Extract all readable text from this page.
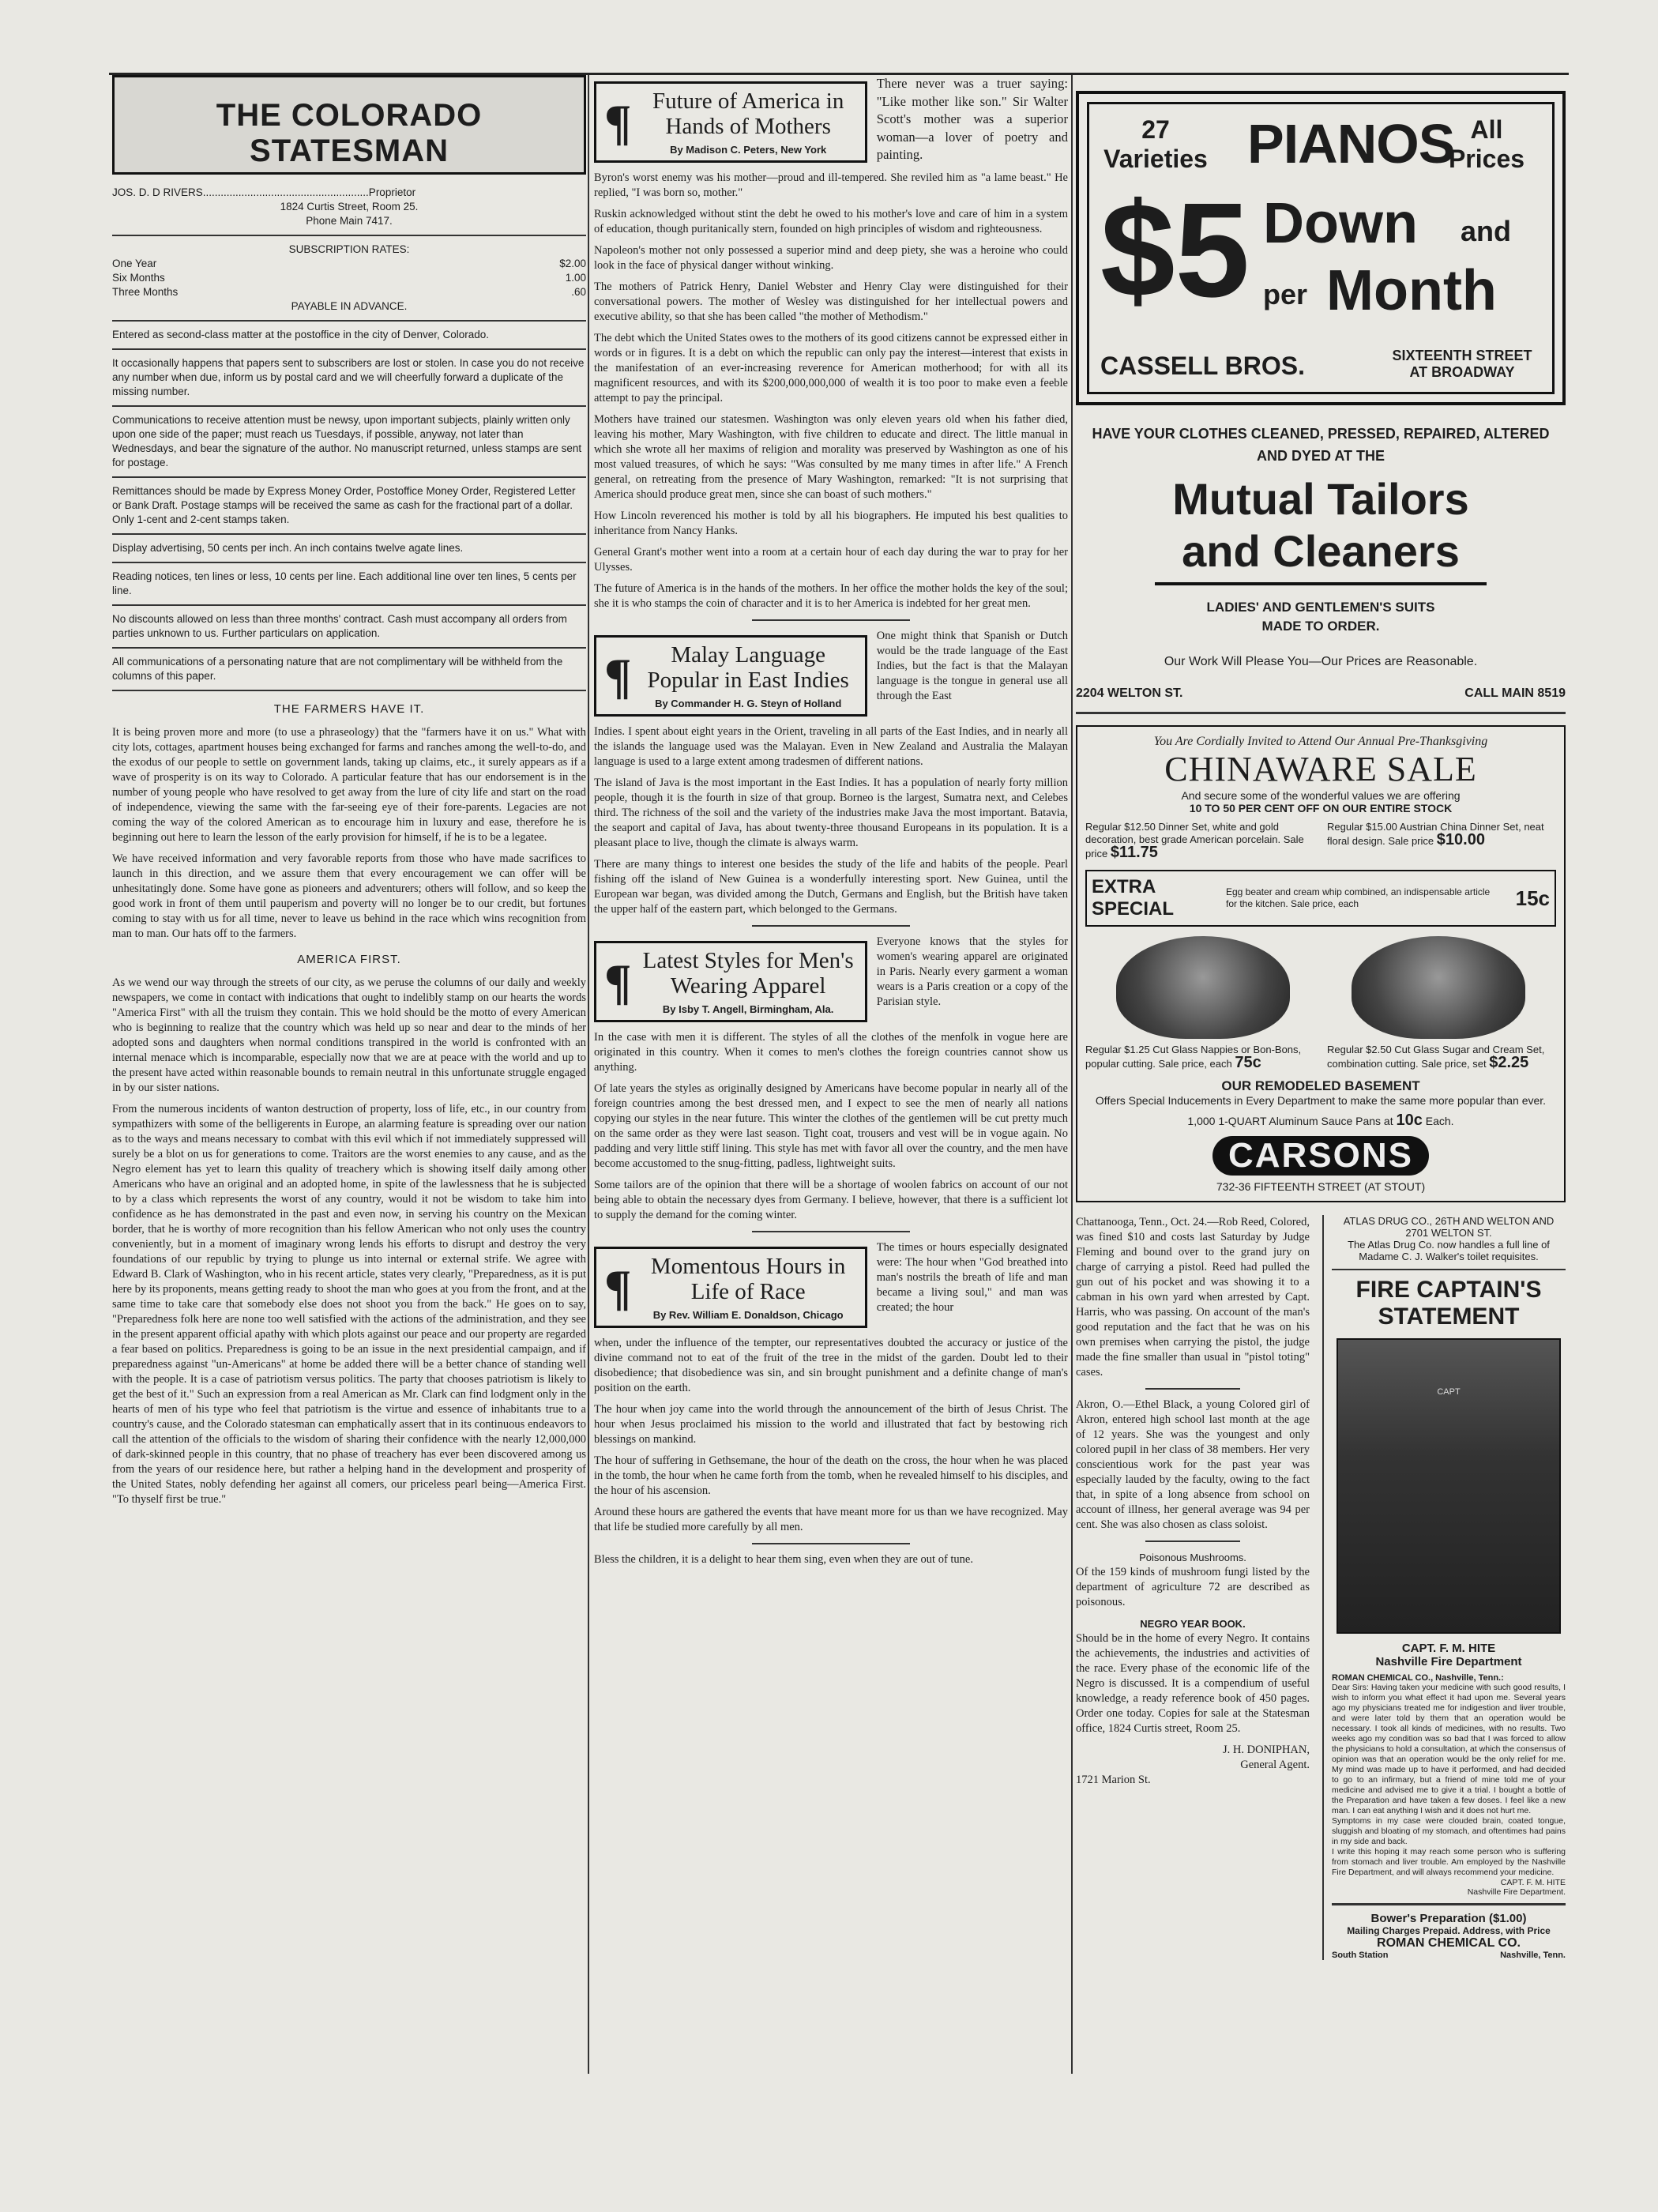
THE COLORADO STATESMAN
JOS. D. D RIVERS........................................................Proprietor
1824 Curtis Street, Room 25.
Phone Main 7417.
SUBSCRIPTION RATES:
One Year	$2.00
Six Months	1.00
Three Months	.60
PAYABLE IN ADVANCE.
Entered as second-class matter at the postoffice in the city of Denver, Colorado.
It occasionally happens that papers sent to subscribers are lost or stolen. In case you do not receive any number when due, inform us by postal card and we will cheerfully forward a duplicate of the missing number.
Communications to receive attention must be newsy, upon important subjects, plainly written only upon one side of the paper; must reach us Tuesdays, if possible, anyway, not later than Wednesdays, and bear the signature of the author. No manuscript returned, unless stamps are sent for postage.
Remittances should be made by Express Money Order, Postoffice Money Order, Registered Letter or Bank Draft. Postage stamps will be received the same as cash for the fractional part of a dollar. Only 1-cent and 2-cent stamps taken.
Display advertising, 50 cents per inch. An inch contains twelve agate lines.
Reading notices, ten lines or less, 10 cents per line. Each additional line over ten lines, 5 cents per line.
No discounts allowed on less than three months' contract. Cash must accompany all orders from parties unknown to us. Further particulars on application.
All communications of a personating nature that are not complimentary will be withheld from the columns of this paper.
THE FARMERS HAVE IT.

It is being proven more and more (to use a phraseology) that the "farmers have it on us." What with city lots, cottages, apartment houses being exchanged for farms and ranches among the well-to-do, and the exodus of our people to settle on government lands, taking up claims, etc., it surely appears as if a wave of prosperity is on its way to Colorado. A particular feature that has our endorsement is in the number of young people who have resolved to get away from the lure of city life and start on the road of independence, viewing the same with the far-seeing eye of their fore-parents. Legacies are not coming the way of the colored American as to encourage him in luxury and ease, therefore he is beginning out here to learn the lesson of the early provision for himself, if he is to be a legatee.

We have received information and very favorable reports from those who have made sacrifices to launch in this direction, and we assure them that every encouragement we can offer will be unhesitatingly done. Some have gone as pioneers and adventurers; others will follow, and so keep the good work in front of them until pauperism and poverty will no longer be to our credit, but fortunes coming to stay with us for all time, never to leave us behind in the race which wins recognition from man to man. Our hats off to the farmers.

AMERICA FIRST.

As we wend our way through the streets of our city, as we peruse the columns of our daily and weekly newspapers, we come in contact with indications that ought to indelibly stamp on our hearts the words "America First" with all the truism they contain. This we hold should be the motto of every American who is beginning to realize that the country which was held up so near and dear to the minds of her adopted sons and daughters when normal conditions transpired in the world is confronted with an internal menace which is incomparable, especially now that we are at peace with the world and up to the present have acted within reasonable bounds to remain neutral in this unfortunate struggle engaged in by our sister nations.

From the numerous incidents of wanton destruction of property, loss of life, etc., in our country from sympathizers with some of the belligerents in Europe, an alarming feature is spreading over our nation as to the ways and means necessary to combat with this evil which if not immediately suppressed will surely be a blot on us for generations to come. Traitors are the worst enemies to any cause, and as the Negro element has yet to learn this quality of treachery which is showing itself daily among other Americans who have an original and an adopted home, in spite of the lawlessness that he is subjected to by a class which represents the worst of any country, would it not be wisdom to take him into confidence as he has demonstrated in the past and even now, in serving his country on the Mexican border, that he is worthy of more recognition than his fellow American who not only uses the country conveniently, but in a moment of imaginary wrong lends his efforts to disrupt and destroy the very foundations of our republic by trying to plunge us into internal or external strife. We agree with Edward B. Clark of Washington, who in his recent article, states very clearly, "Preparedness, as it is put here by its proponents, means getting ready to shoot the man who goes at you from the front, and at the same time to take care that somebody else does not shoot you from the back." He goes on to say, "Preparedness folk here are none too well satisfied with the actions of the administration, and they see in the present apparent official apathy with which plots against our peace and our property are regarded a fear based on politics. Preparedness is going to be an issue in the next presidential campaign, and if preparedness against "un-Americans" at home be added there will be a better chance of standing well with the people. It is a case of patriotism versus politics. The party that chooses patriotism is likely to get the best of it." Such an expression from a real American as Mr. Clark can find lodgment only in the hearts of men of his type who feel that patriotism is the virtue and essence of inhabitants true to a country's cause, and the Colorado statesman can emphatically assert that in its continuous endeavors to call the attention of the officials to the wisdom of sharing their confidence with the nearly 12,000,000 of dark-skinned people in this country, that no phase of treachery has ever been discovered among us from the years of our residence here, but rather a helping hand in the development and prosperity of the United States, nobly defending her against all comers, our priceless pearl being—America First. "To thyself first be true."

¶ Future of America in Hands of Mothers
By Madison C. Peters, New York

There never was a truer saying: "Like mother like son." Sir Walter Scott's mother was a superior woman—a lover of poetry and painting.

Byron's worst enemy was his mother—proud and ill-tempered. She reviled him as "a lame beast." He replied, "I was born so, mother."

Ruskin acknowledged without stint the debt he owed to his mother's love and care of him in a system of education, though puritanically stern, founded on high principles of wisdom and righteousness.

Napoleon's mother not only possessed a superior mind and deep piety, she was a heroine who could look in the face of physical danger without winking.

The mothers of Patrick Henry, Daniel Webster and Henry Clay were distinguished for their conversational powers. The mother of Wesley was distinguished for her intellectual powers and executive ability, so that she has been called "the mother of Methodism."

The debt which the United States owes to the mothers of its good citizens cannot be expressed either in words or in figures. It is a debt on which the republic can only pay the interest—interest that exists in the manifestation of an ever-increasing reverence for American motherhood; for with all its magnificent resources, and with its $200,000,000,000 of wealth it is too poor to make even a feeble attempt to pay the principal.

Mothers have trained our statesmen. Washington was only eleven years old when his father died, leaving his mother, Mary Washington, with five children to educate and direct. The little manual in which she wrote all her maxims of religion and morality was preserved by Washington as one of his most valued treasures, of which he says: "Was consulted by me many times in after life." A French general, on retreating from the presence of Mary Washington, remarked: "It is not surprising that America should produce great men, since she can boast of such mothers."

How Lincoln reverenced his mother is told by all his biographers. He imputed his best qualities to inheritance from Nancy Hanks.

General Grant's mother went into a room at a certain hour of each day during the war to pray for her Ulysses.

The future of America is in the hands of the mothers. In her office the mother holds the key of the soul; she it is who stamps the coin of character and it is to her America is indebted for her great men.

¶	Malay Language Popular in East Indies
By Commander H. G. Steyn of Holland

One might think that Spanish or Dutch would be the trade language of the East Indies, but the fact is that the Malayan language is the tongue in general use all through the East

Indies. I spent about eight years in the Orient, traveling in all parts of the East Indies, and in nearly all the islands the language used was the Malayan. Even in New Zealand and Australia the Malayan language is used to a large extent among tradesmen of different nations.

The island of Java is the most important in the East Indies. It has a population of nearly forty million people, though it is the fourth in size of that group. Borneo is the largest, Sumatra next, and Celebes third. The richness of the soil and the variety of the industries make Java the most important. Batavia, the seaport and capital of Java, has about twenty-three thousand Europeans in its population. It is a pleasant place to live, though the climate is always warm.

There are many things to interest one besides the study of the life and habits of the people. Pearl fishing off the island of New Guinea is a wonderfully interesting sport. New Guinea, until the European war began, was divided among the Dutch, Germans and English, but the British have taken the upper half of the eastern part, which belonged to the Germans.

¶ Latest Styles for Men's Wearing Apparel
By Isby T. Angell, Birmingham, Ala.

Everyone knows that the styles for women's wearing apparel are originated in Paris. Nearly every garment a woman wears is a Paris creation or a copy of the Parisian style.

In the case with men it is different. The styles of all the clothes of the menfolk in vogue here are originated in this country. When it comes to men's clothes the foreign countries cannot show us anything.

Of late years the styles as originally designed by Americans have become popular in nearly all of the foreign countries among the best dressed men, and I expect to see the men of nearly all nations copying our styles in the near future. This winter the clothes of the gentlemen will be cut pretty much on the same order as they were last season. Tight coat, trousers and vest will be in vogue again. No padding and very little stiff lining. This style has met with favor all over the country, and the men have become accustomed to the snug-fitting, padless, lightweight suits.

Some tailors are of the opinion that there will be a shortage of woolen fabrics on account of our not being able to obtain the necessary dyes from Germany. I believe, however, that there is a sufficient lot to supply the demand for the coming winter.

¶ Momentous Hours in Life of Race
By Rev. William E. Donaldson, Chicago

The times or hours especially designated were: The hour when "God breathed into man's nostrils the breath of life and man became a living soul," and man was created; the hour

when, under the influence of the tempter, our representatives doubted the accuracy or justice of the divine command not to eat of the fruit of the tree in the midst of the garden. Doubt led to their disobedience; that disobedience was sin, and sin brought punishment and a definite change of man's position on the earth.

The hour when joy came into the world through the announcement of the birth of Jesus Christ. The hour when Jesus proclaimed his mission to the world and illustrated that fact by bestowing rich blessings on mankind.

The hour of suffering in Gethsemane, the hour of the death on the cross, the hour when he was placed in the tomb, the hour when he came forth from the tomb, when he revealed himself to his disciples, and the hour of his ascension.

Around these hours are gathered the events that have meant more for us than we have recognized. May that life be studied more carefully by all men.

Bless the children, it is a delight to hear them sing, even when they are out of tune.

27 Varieties PIANOS All Prices
$5 Down and
per Month
CASSELL BROS.	SIXTEENTH STREET AT BROADWAY
HAVE YOUR CLOTHES CLEANED, PRESSED, REPAIRED, ALTERED AND DYED AT THE
Mutual Tailors
and Cleaners
LADIES' AND GENTLEMEN'S SUITS MADE TO ORDER.
Our Work Will Please You—Our Prices are Reasonable.
2204 WELTON ST.	CALL MAIN 8519
You Are Cordially Invited to Attend Our Annual Pre-Thanksgiving
CHINAWARE SALE
And secure some of the wonderful values we are offering
10 TO 50 PER CENT OFF ON OUR ENTIRE STOCK
Regular $12.50 Dinner Set, white and gold decoration, best grade American porcelain. Sale price $11.75
Regular $15.00 Austrian China Dinner Set, neat floral design. Sale price $10.00
EXTRA SPECIAL
Egg beater and cream whip combined, an indispensable article for the kitchen. Sale price, each	15c
Regular $1.25 Cut Glass Nappies or Bon-Bons, popular cutting. Sale price, each 75c
Regular $2.50 Cut Glass Sugar and Cream Set, combination cutting. Sale price, set $2.25
OUR REMODELED BASEMENT
Offers Special Inducements in Every Department to make the same more popular than ever.
1,000 1-QUART Aluminum Sauce Pans at 10c Each.
CARSONS
732-36 FIFTEENTH STREET (AT STOUT)

Chattanooga, Tenn., Oct. 24.—Rob Reed, Colored, was fined $10 and costs last Saturday by Judge Fleming and bound over to the grand jury on charge of carrying a pistol. Reed had pulled the gun out of his pocket and was showing it to a cabman in his own yard when arrested by Capt. Harris, who was passing. On account of the man's good reputation and the fact that he was on his own premises when carrying the pistol, the judge made the fine smaller than usual in "pistol toting" cases.

Akron, O.—Ethel Black, a young Colored girl of Akron, entered high school last month at the age of 12 years. She was the youngest and only colored pupil in her class of 38 members. Her very conscientious work for the past year was especially lauded by the faculty, owing to the fact that, in spite of a long absence from school on account of illness, her general average was 94 per cent. She was also chosen as class soloist.

Poisonous Mushrooms.

Of the 159 kinds of mushroom fungi listed by the department of agriculture 72 are described as poisonous.

NEGRO YEAR BOOK.

Should be in the home of every Negro. It contains the achievements, the industries and activities of the race. Every phase of the economic life of the Negro is discussed. It is a compendium of useful knowledge, a ready reference book of 450 pages. Order one today. Copies for sale at the Statesman office, 1824 Curtis street, Room 25.

J. H. DONIPHAN,
General Agent.
1721 Marion St.
ATLAS DRUG CO., 26TH AND WELTON AND 2701 WELTON ST.
The Atlas Drug Co. now handles a full line of Madame C. J. Walker's toilet requisites.
FIRE CAPTAIN'S
STATEMENT
CAPT
CAPT. F. M. HITE
Nashville Fire Department
ROMAN CHEMICAL CO., Nashville, Tenn.:
Dear Sirs: Having taken your medicine with such good results, I wish to inform you what effect it had upon me. Several years ago my physicians treated me for indigestion and liver trouble, and were later told by them that an operation would be necessary. I took all kinds of medicines, with no results. Two weeks ago my condition was so bad that I was forced to allow the physicians to hold a consultation, at which the consensus of opinion was that an operation would be the only relief for me. My mind was made up to have it performed, and had decided to go to an infirmary, but a friend of mine told me of your medicine and advised me to give it a trial. I bought a bottle of the Preparation and have taken a few doses. I feel like a new man. I can eat anything I wish and it does not hurt me.
Symptoms in my case were clouded brain, coated tongue, sluggish and bloating of my stomach, and oftentimes had pains in my side and back.
I write this hoping it may reach some person who is suffering from stomach and liver trouble. Am employed by the Nashville Fire Department, and will always recommend your medicine.
CAPT. F. M. HITE
Nashville Fire Department.
Bower's Preparation ($1.00)
Mailing Charges Prepaid. Address, with Price
ROMAN CHEMICAL CO.
South Station	Nashville, Tenn.
